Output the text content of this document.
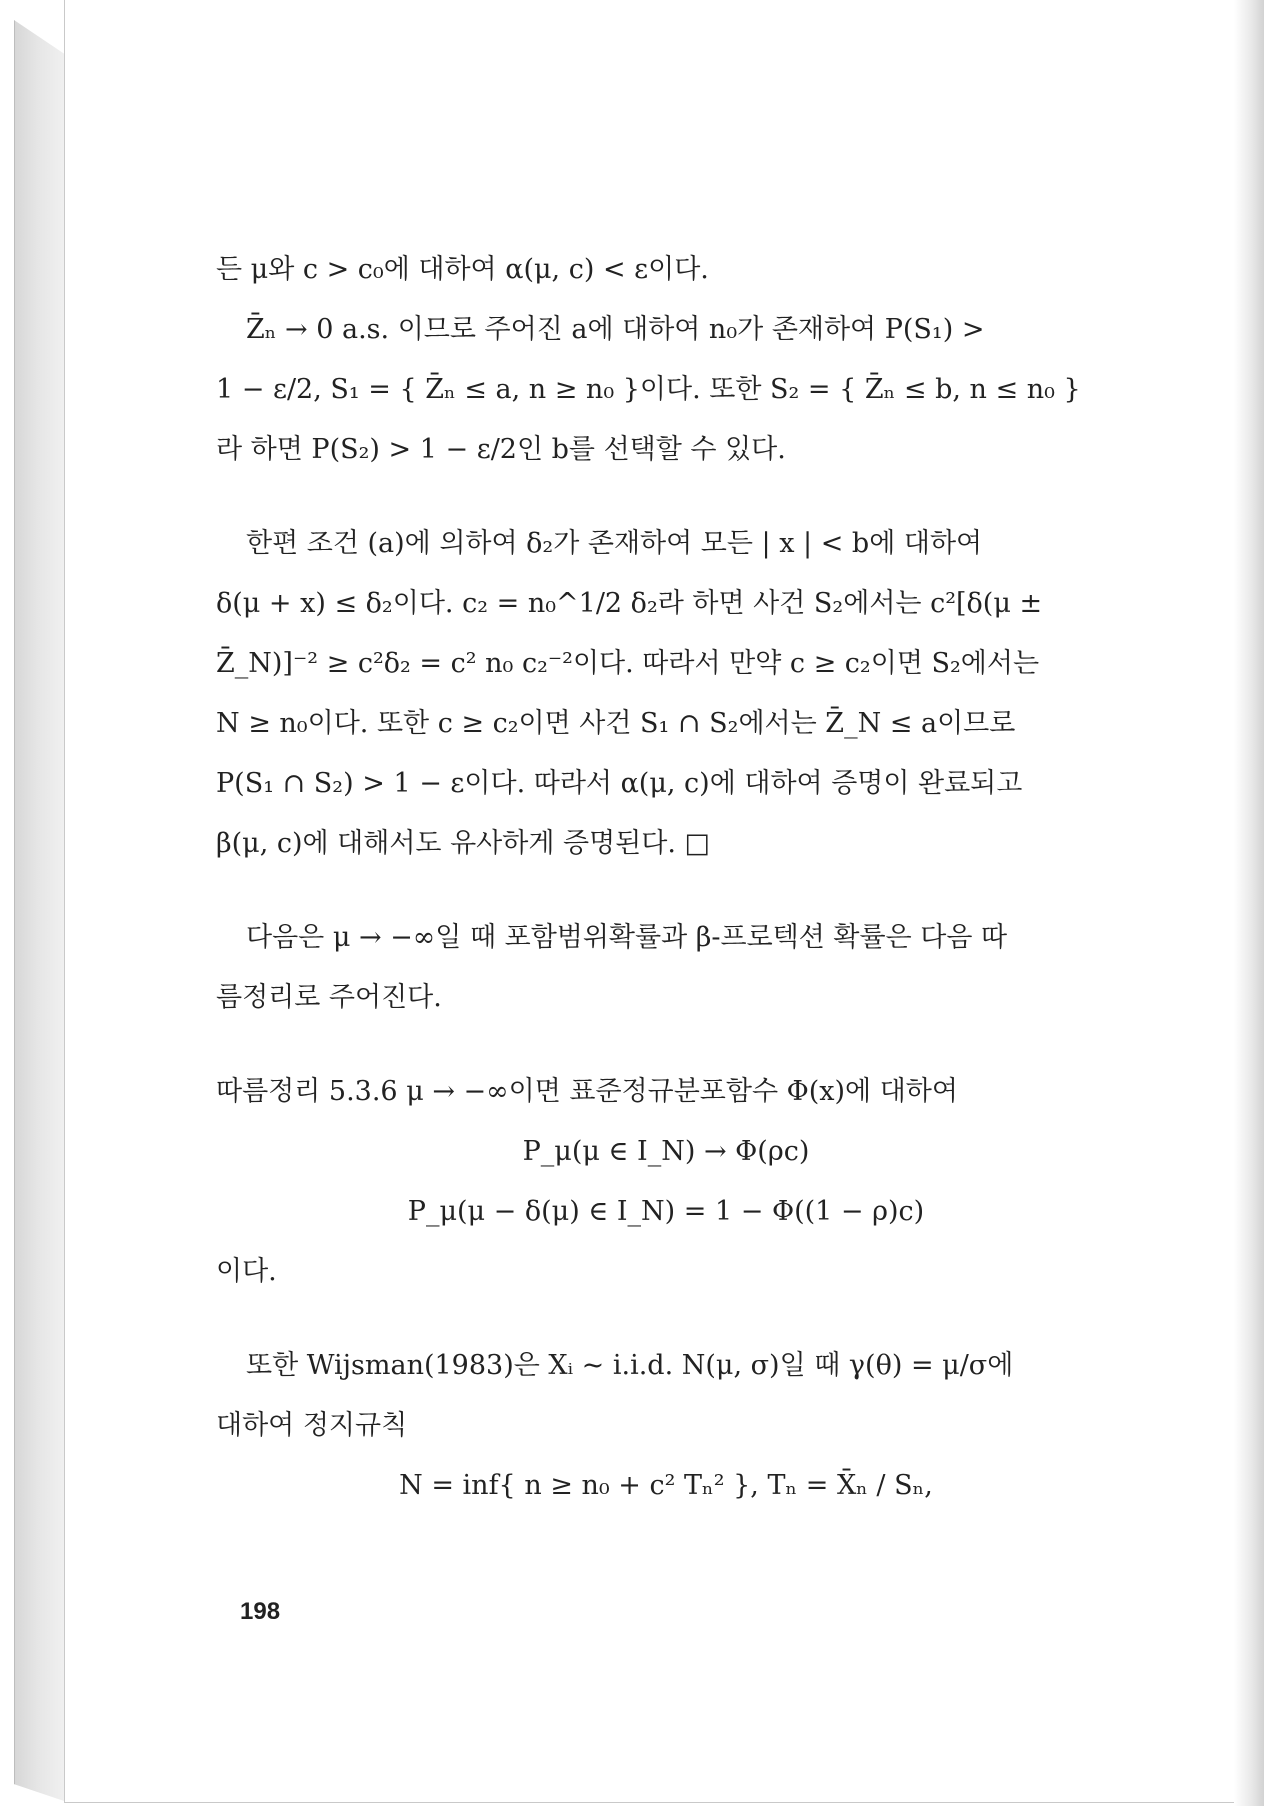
든 μ와 c > c₀에 대하여 α(μ, c) < ε이다.
Z̄ₙ → 0 a.s. 이므로 주어진 a에 대하여 n₀가 존재하여 P(S₁) >
1 − ε/2, S₁ = { Z̄ₙ ≤ a, n ≥ n₀ }이다. 또한 S₂ = { Z̄ₙ ≤ b, n ≤ n₀ }
라 하면 P(S₂) > 1 − ε/2인 b를 선택할 수 있다.
한편 조건 (a)에 의하여 δ₂가 존재하여 모든 | x | < b에 대하여
δ(μ + x) ≤ δ₂이다. c₂ = n₀^1/2 δ₂라 하면 사건 S₂에서는 c²[δ(μ ±
Z̄_N)]⁻² ≥ c²δ₂ = c² n₀ c₂⁻²이다. 따라서 만약 c ≥ c₂이면 S₂에서는
N ≥ n₀이다. 또한 c ≥ c₂이면 사건 S₁ ∩ S₂에서는 Z̄_N ≤ a이므로
P(S₁ ∩ S₂) > 1 − ε이다. 따라서 α(μ, c)에 대하여 증명이 완료되고
β(μ, c)에 대해서도 유사하게 증명된다. □
다음은 μ → −∞일 때 포함범위확률과 β-프로텍션 확률은 다음 따
름정리로 주어진다.
따름정리 5.3.6 μ → −∞이면 표준정규분포함수 Φ(x)에 대하여
P_μ(μ ∈ I_N) → Φ(ρc)
P_μ(μ − δ(μ) ∈ I_N) = 1 − Φ((1 − ρ)c)
이다.
또한 Wijsman(1983)은 Xᵢ ~ i.i.d. N(μ, σ)일 때 γ(θ) = μ/σ에
대하여 정지규칙
N = inf{ n ≥ n₀ + c² Tₙ² }, Tₙ = X̄ₙ / Sₙ,
198
